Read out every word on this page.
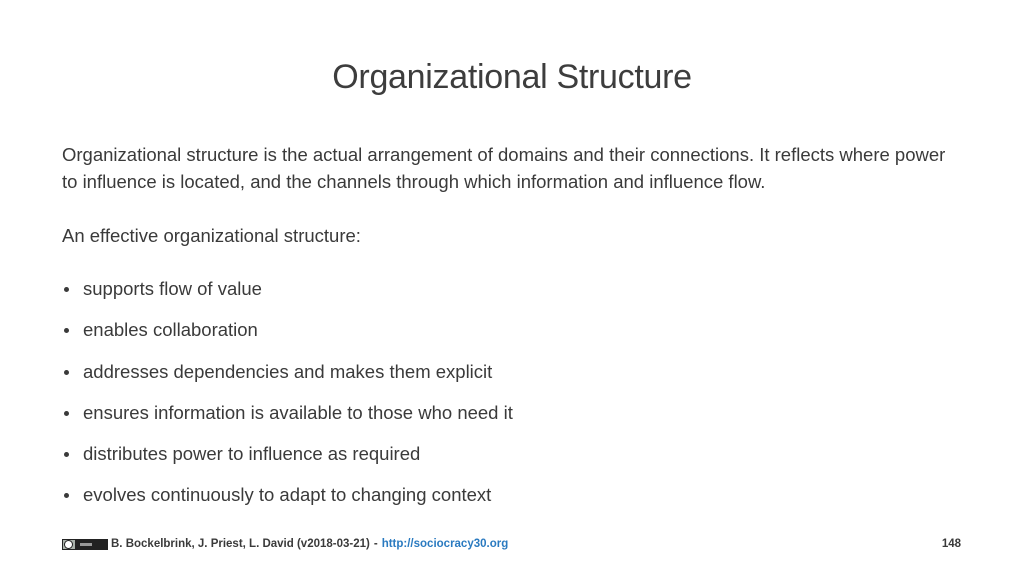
Organizational Structure

Organizational structure is the actual arrangement of domains and their connections. It reflects where power to influence is located, and the channels through which information and influence flow.

An effective organizational structure:

supports flow of value
enables collaboration
addresses dependencies and makes them explicit
ensures information is available to those who need it
distributes power to influence as required
evolves continuously to adapt to changing context
B. Bockelbrink, J. Priest, L. David (v2018-03-21) - http://sociocracy30.org	148
